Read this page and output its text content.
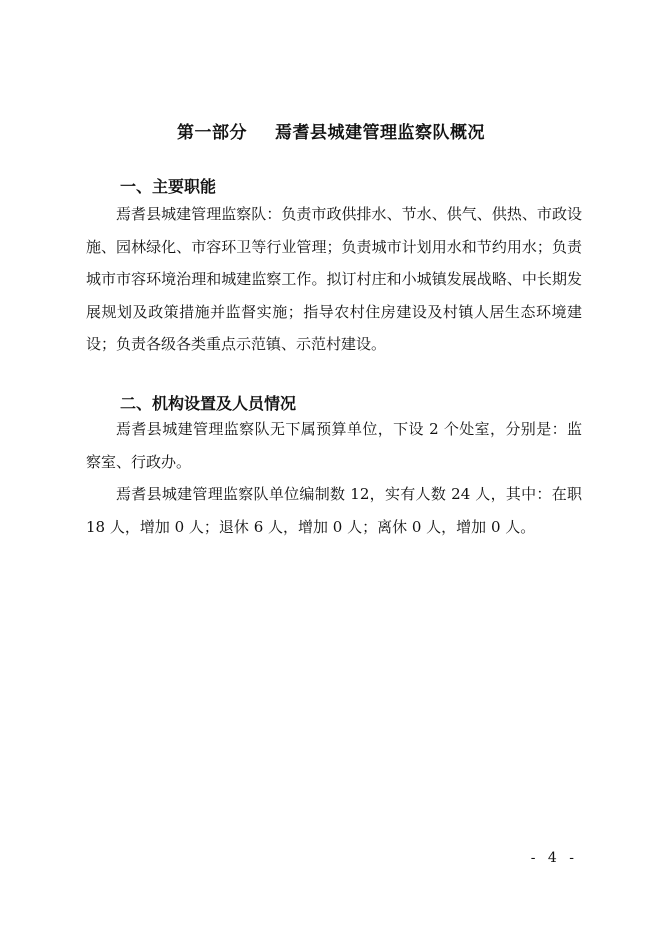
第一部分 焉耆县城建管理监察队概况
一、主要职能
焉耆县城建管理监察队：负责市政供排水、节水、供气、供热、市政设施、园林绿化、市容环卫等行业管理；负责城市计划用水和节约用水；负责城市市容环境治理和城建监察工作。拟订村庄和小城镇发展战略、中长期发展规划及政策措施并监督实施；指导农村住房建设及村镇人居生态环境建设；负责各级各类重点示范镇、示范村建设。
二、机构设置及人员情况
焉耆县城建管理监察队无下属预算单位，下设 2 个处室，分别是：监察室、行政办。
焉耆县城建管理监察队单位编制数 12，实有人数 24 人，其中：在职 18 人，增加 0 人；退休 6 人，增加 0 人；离休 0 人，增加 0 人。
- 4 -
